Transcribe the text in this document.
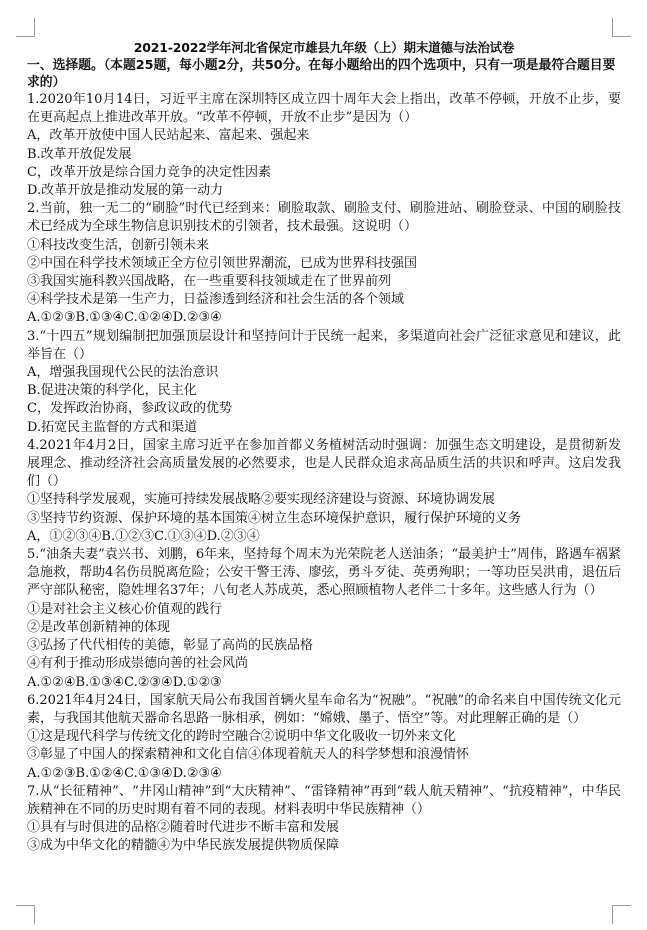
2021-2022学年河北省保定市雄县九年级（上）期末道德与法治试卷
一、选择题。（本题25题，每小题2分，共50分。在每小题给出的四个选项中，只有一项是最符合题目要求的）
1.2020年10月14日，习近平主席在深圳特区成立四十周年大会上指出，改革不停顿，开放不止步，要在更高起点上推进改革开放。“改革不停顿，开放不止步”是因为（）
A，改革开放使中国人民站起来、富起来、强起来
B.改革开放促发展
C，改革开放是综合国力竞争的决定性因素
D.改革开放是推动发展的第一动力
2.当前，独一无二的“刷脸”时代已经到来：刷脸取款、刷脸支付、刷脸进站、刷脸登录、中国的刷脸技术已经成为全球生物信息识别技术的引领者，技术最强。这说明（）
①科技改变生活，创新引领未来
②中国在科学技术领域正全方位引领世界潮流，已成为世界科技强国
③我国实施科教兴国战略，在一些重要科技领域走在了世界前列
④科学技术是第一生产力，日益渗透到经济和社会生活的各个领域
A.①②③B.①③④C.①②④D.②③④
3.“十四五”规划编制把加强顶层设计和坚持问计于民统一起来，多渠道向社会广泛征求意见和建议，此举旨在（）
A，增强我国现代公民的法治意识
B.促进决策的科学化，民主化
C，发挥政治协商，参政议政的优势
D.拓宽民主监督的方式和渠道
4.2021年4月2日，国家主席习近平在参加首都义务植树活动时强调：加强生态文明建设，是贯彻新发展理念、推动经济社会高质量发展的必然要求，也是人民群众追求高品质生活的共识和呼声。这启发我们（）
①坚持科学发展观，实施可持续发展战略②要实现经济建设与资源、环境协调发展
③坚持节约资源、保护环境的基本国策④树立生态环境保护意识，履行保护环境的义务
A，①②③④B.①②③C.①③④D.②③④
5.“油条夫妻”袁兴书、刘鹏，6年来，坚持每个周末为光荣院老人送油条；“最美护士”周伟，路遇车祸紧急施救，帮助4名伤员脱离危险；公安干警王涛、廖弦，勇斗歹徒、英勇殉职；一等功臣吴洪甫，退伍后严守部队秘密，隐姓埋名37年；八旬老人苏成英，悉心照顾植物人老伴二十多年。这些感人行为（）
①是对社会主义核心价值观的践行
②是改革创新精神的体现
③弘扬了代代相传的美德，彰显了高尚的民族品格
④有利于推动形成崇德向善的社会风尚
A.①②④B.①③④C.②③④D.①②③
6.2021年4月24日，国家航天局公布我国首辆火星车命名为“祝融”。“祝融”的命名来自中国传统文化元素，与我国其他航天器命名思路一脉相承，例如：“嫦娥、墨子、悟空”等。对此理解正确的是（）
①这是现代科学与传统文化的跨时空融合②说明中华文化吸收一切外来文化
③彰显了中国人的探索精神和文化自信④体现着航天人的科学梦想和浪漫情怀
A.①②③B.①②④C.①③④D.②③④
7.从“长征精神”、“井冈山精神”到“大庆精神”、“雷锋精神”再到“载人航天精神”、“抗疫精神”，中华民族精神在不同的历史时期有着不同的表现。材料表明中华民族精神（）
①具有与时俱进的品格②随着时代进步不断丰富和发展
③成为中华文化的精髓④为中华民族发展提供物质保障
